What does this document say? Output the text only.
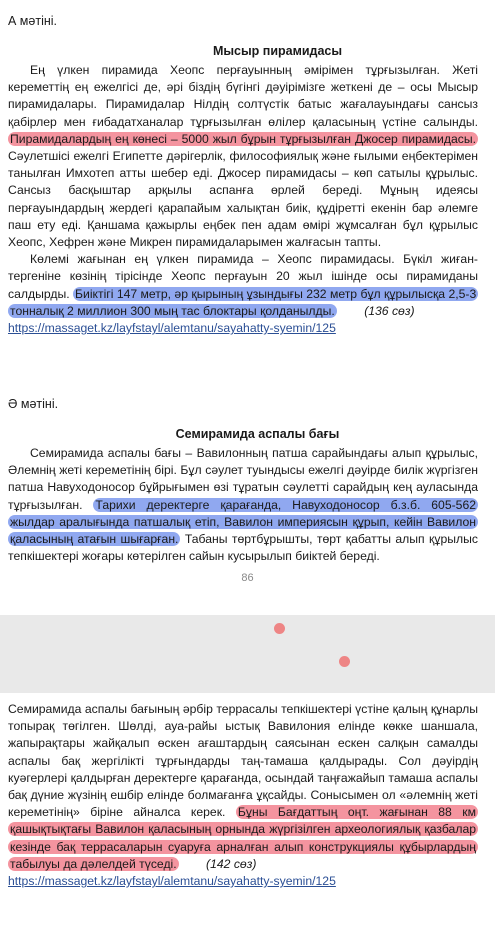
А мәтіні.

Мысыр пирамидасы

Ең үлкен пирамида Хеопс перғауынның әмірімен тұрғызылған. Жеті кереметтің ең ежелгісі де, әрі біздің бүгінгі дәуірімізге жеткені де – осы Мысыр пирамидалары. Пирамидалар Нілдің солтүстік батыс жағалауындағы сансыз қабірлер мен ғибадатханалар тұрғызылған өлілер қаласының үстіне салынды. Пирамидалардың ең көнесі – 5000 жыл бұрын тұрғызылған Джосер пирамидасы. Сәулетшісі ежелгі Египетте дәрігерлік, философиялық және ғылыми еңбектерімен танылған Имхотеп атты шебер еді. Джосер пирамидасы – көп сатылы құрылыс. Сансыз басқыштар арқылы аспанға өрлей береді. Мұның идеясы перғауындардың жердегі қарапайым халықтан биік, құдіретті екенін бар әлемге паш ету еді. Қаншама қажырлы еңбек пен адам өмірі жұмсалған бұл құрылыс Хеопс, Хефрен және Микрен пирамидаларымен жалғасын тапты.

Көлемі жағынан ең үлкен пирамида – Хеопс пирамидасы. Бүкіл жиған-тергеніне көзінің тірісінде Хеопс перғауын 20 жыл ішінде осы пирамиданы салдырды. Биіктігі 147 метр, әр қырының ұзындығы 232 метр бұл құрылысқа 2,5-3 тонналық 2 миллион 300 мың тас блоктары қолданылды. (136 сөз)
https://massaget.kz/layfstayl/alemtanu/sayahatty-syemin/125

Ә мәтіні.

Семирамида аспалы бағы

Семирамида аспалы бағы – Вавилонның патша сарайындағы алып құрылыс, Әлемнің жеті кереметінің бірі. Бұл сәулет туындысы ежелгі дәуірде билік жүргізген патша Навуходоносор бұйрығымен өзі тұратын сәулетті сарайдың кең ауласында тұрғызылған. Тарихи деректерге қарағанда, Навуходоносор б.з.б. 605-562 жылдар аралығында патшалық етіп, Вавилон империясын құрып, кейін Вавилон қаласының атағын шығарған. Табаны төртбұрышты, төрт қабатты алып құрылыс тепкішектері жоғары көтерілген сайын кусырылып биіктей береді.

86

Семирамида аспалы бағының әрбір террасалы тепкішектері үстіне қалың құнарлы топырақ төгілген. Шөлді, ауа-райы ыстық Вавилония елінде көкке шаншала, жапырақтары жайқалып өскен ағаштардың саясынан ескен салқын самалды аспалы бақ жергілікті тұрғындарды таң-тамаша қалдырады. Сол дәуірдің куәгерлері қалдырған деректерге қарағанда, осындай таңғажайып тамаша аспалы бақ дүние жүзінің ешбір елінде болмағанға ұқсайды. Сонысымен ол «әлемнің жеті кереметінің» біріне айналса керек. Бұны Бағдаттың оңт. жағынан 88 км қашықтықтағы Вавилон қаласының орнында жүргізілген археологиялық қазбалар кезінде бақ террасаларын суаруға арналған алып конструкциялы құбырлардың табылуы да дәлелдей түседі. (142 сөз)
https://massaget.kz/layfstayl/alemtanu/sayahatty-syemin/125
